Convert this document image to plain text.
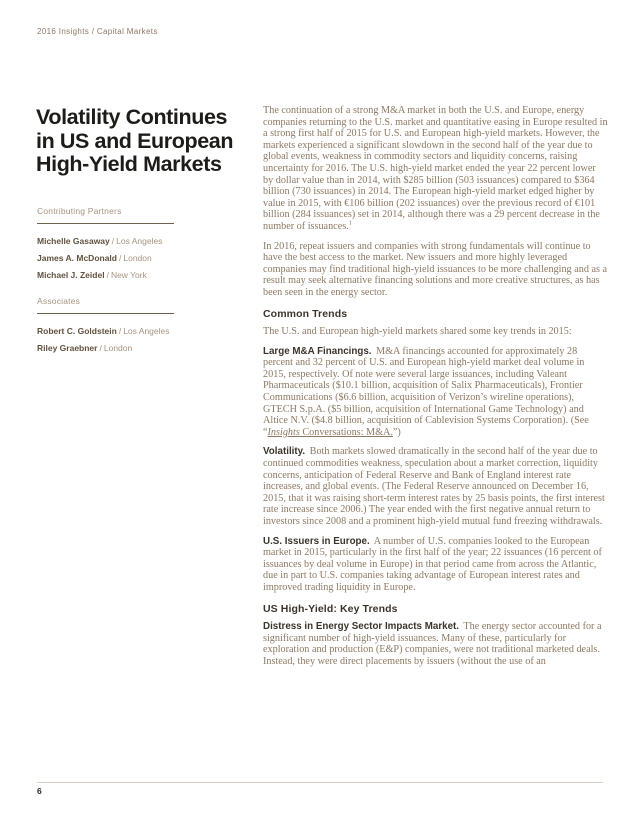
2016 Insights / Capital Markets
Volatility Continues
in US and European
High-Yield Markets
Contributing Partners
Michelle Gasaway / Los Angeles
James A. McDonald / London
Michael J. Zeidel / New York
Associates
Robert C. Goldstein / Los Angeles
Riley Graebner / London

The continuation of a strong M&A market in both the U.S. and Europe, energy companies returning to the U.S. market and quantitative easing in Europe resulted in a strong first half of 2015 for U.S. and European high-yield markets. However, the markets experienced a significant slowdown in the second half of the year due to global events, weakness in commodity sectors and liquidity concerns, raising uncertainty for 2016. The U.S. high-yield market ended the year 22 percent lower by dollar value than in 2014, with $285 billion (503 issuances) compared to $364 billion (730 issuances) in 2014. The European high-yield market edged higher by value in 2015, with €106 billion (202 issuances) over the previous record of €101 billion (284 issuances) set in 2014, although there was a 29 percent decrease in the number of issuances.$^1$

In 2016, repeat issuers and companies with strong fundamentals will continue to have the best access to the market. New issuers and more highly leveraged companies may find traditional high-yield issuances to be more challenging and as a result may seek alternative financing solutions and more creative structures, as has been seen in the energy sector.

Common Trends

The U.S. and European high-yield markets shared some key trends in 2015:

Large M&A Financings. M&A financings accounted for approximately 28 percent and 32 percent of U.S. and European high-yield market deal volume in 2015, respectively. Of note were several large issuances, including Valeant Pharmaceuticals ($10.1 billion, acquisition of Salix Pharmaceuticals), Frontier Communications ($6.6 billion, acquisition of Verizon’s wireline operations), GTECH S.p.A. ($5 billion, acquisition of International Game Technology) and Altice N.V. ($4.8 billion, acquisition of Cablevision Systems Corporation). (See “Insights Conversations: M&A.”)

Volatility. Both markets slowed dramatically in the second half of the year due to continued commodities weakness, speculation about a market correction, liquidity concerns, anticipation of Federal Reserve and Bank of England interest rate increases, and global events. (The Federal Reserve announced on December 16, 2015, that it was raising short-term interest rates by 25 basis points, the first interest rate increase since 2006.) The year ended with the first negative annual return to investors since 2008 and a prominent high-yield mutual fund freezing withdrawals.

U.S. Issuers in Europe. A number of U.S. companies looked to the European market in 2015, particularly in the first half of the year; 22 issuances (16 percent of issuances by deal volume in Europe) in that period came from across the Atlantic, due in part to U.S. companies taking advantage of European interest rates and improved trading liquidity in Europe.

US High-Yield: Key Trends

Distress in Energy Sector Impacts Market. The energy sector accounted for a significant number of high-yield issuances. Many of these, particularly for exploration and production (E&P) companies, were not traditional marketed deals. Instead, they were direct placements by issuers (without the use of an

6
